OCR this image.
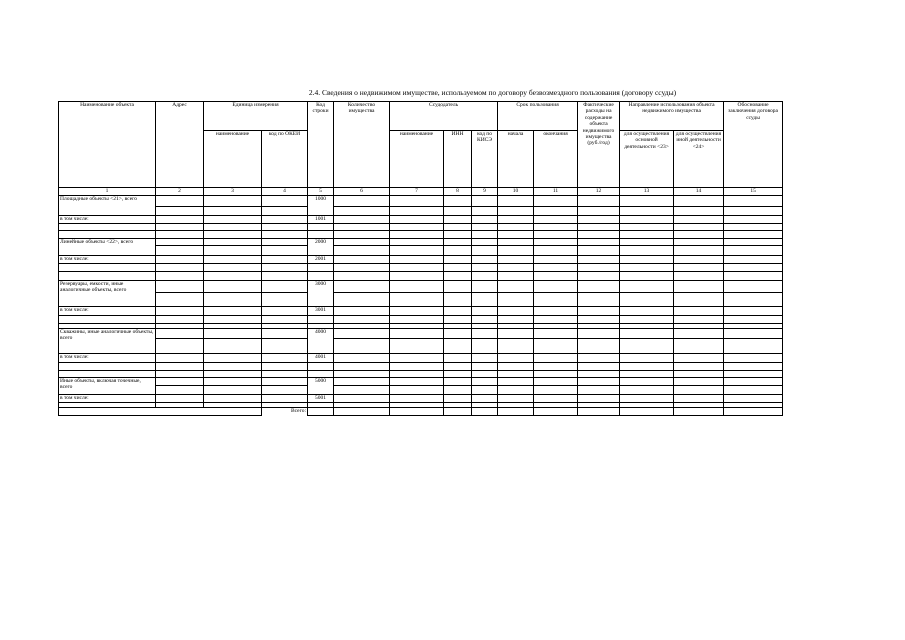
2.4. Сведения о недвижимом имуществе, используемом по договору безвозмездного пользования (договору ссуды)
Наименование объекта	Адрес	Единица измерения		Код строки	Количество имущества	Ссудодатель			Срок пользования		Фактические расходы на содержание объекта недвижимого имущества (руб./год)	Направление использования объекта недвижимого имущества		Обоснование заключения договора ссуды
		наименование	код по ОКЕИ			наименование	ИНН	код по КИСЭ	начала	окончания		для осуществления основной деятельности <23>	для осуществления иной деятельности <24>	
1	2	3	4	5	6	7	8	9	10	11	12	13	14	15
Площадные объекты <21>, всего				1000										

в том числе:				1001										

Линейные объекты <22>, всего				2000										

в том числе:				2001										

Резервуары, емкости, иные аналогичные объекты, всего				3000										

в том числе:				3001										

Скважины, иные аналогичные объекты, всего				4000										

в том числе:				4001										

Иные объекты, включая точечные, всего				5000										

в том числе:				5001										

			Всего:											
